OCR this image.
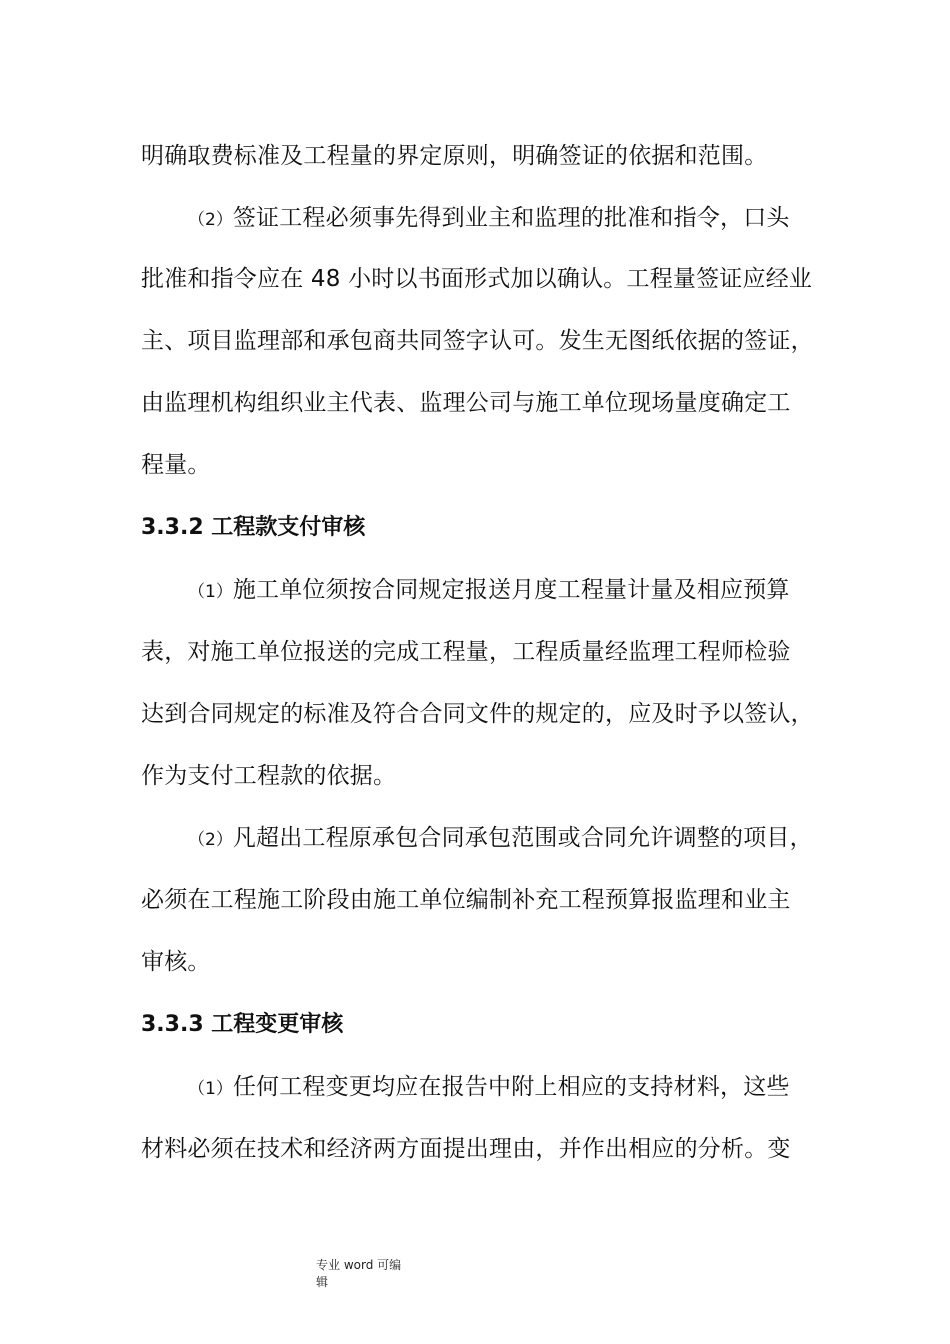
明确取费标准及工程量的界定原则，明确签证的依据和范围。
（2）签证工程必须事先得到业主和监理的批准和指令，口头
批准和指令应在 48 小时以书面形式加以确认。工程量签证应经业
主、项目监理部和承包商共同签字认可。发生无图纸依据的签证，
由监理机构组织业主代表、监理公司与施工单位现场量度确定工
程量。
3.3.2 工程款支付审核
（1）施工单位须按合同规定报送月度工程量计量及相应预算
表，对施工单位报送的完成工程量，工程质量经监理工程师检验
达到合同规定的标准及符合合同文件的规定的，应及时予以签认，
作为支付工程款的依据。
（2）凡超出工程原承包合同承包范围或合同允许调整的项目，
必须在工程施工阶段由施工单位编制补充工程预算报监理和业主
审核。
3.3.3 工程变更审核
（1）任何工程变更均应在报告中附上相应的支持材料，这些
材料必须在技术和经济两方面提出理由，并作出相应的分析。变
专业 word 可编
辑
